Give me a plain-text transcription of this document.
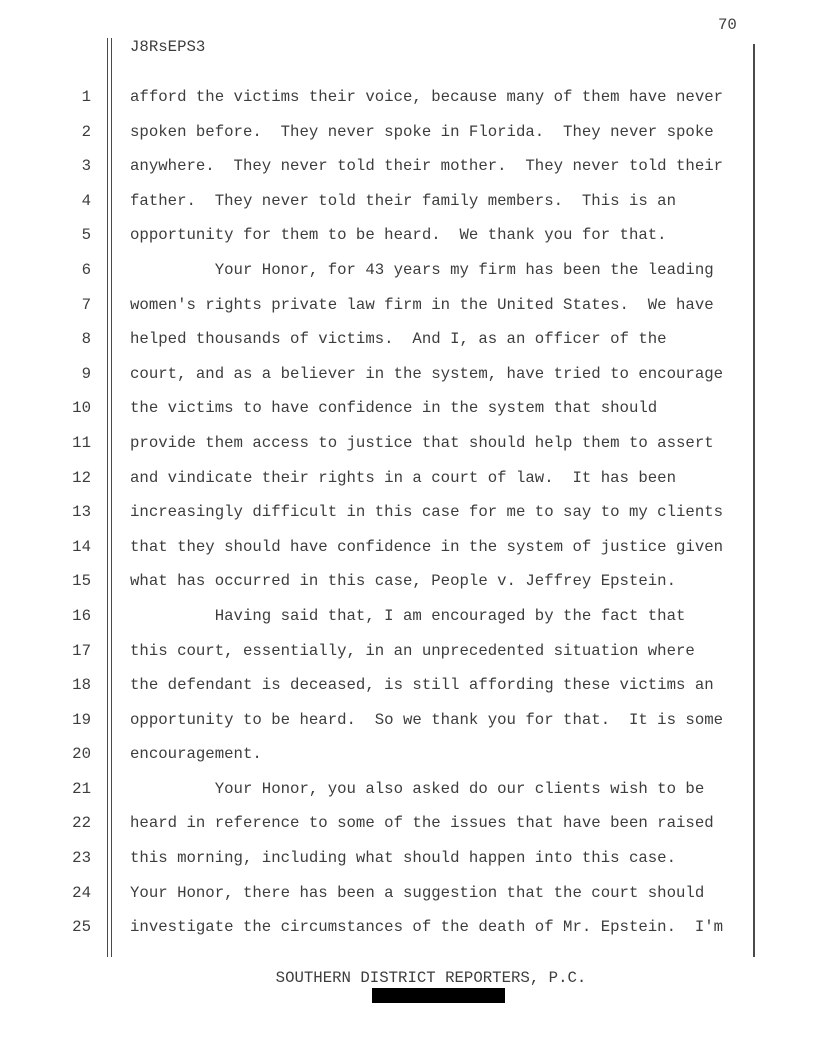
70
J8RsEPS3
1 afford the victims their voice, because many of them have never
2 spoken before.  They never spoke in Florida.  They never spoke
3 anywhere.  They never told their mother.  They never told their
4 father.  They never told their family members.  This is an
5 opportunity for them to be heard.  We thank you for that.
6 Your Honor, for 43 years my firm has been the leading
7 women's rights private law firm in the United States.  We have
8 helped thousands of victims.  And I, as an officer of the
9 court, and as a believer in the system, have tried to encourage
10 the victims to have confidence in the system that should
11 provide them access to justice that should help them to assert
12 and vindicate their rights in a court of law.  It has been
13 increasingly difficult in this case for me to say to my clients
14 that they should have confidence in the system of justice given
15 what has occurred in this case, People v. Jeffrey Epstein.
16 Having said that, I am encouraged by the fact that
17 this court, essentially, in an unprecedented situation where
18 the defendant is deceased, is still affording these victims an
19 opportunity to be heard.  So we thank you for that.  It is some
20 encouragement.
21 Your Honor, you also asked do our clients wish to be
22 heard in reference to some of the issues that have been raised
23 this morning, including what should happen into this case.
24 Your Honor, there has been a suggestion that the court should
25 investigate the circumstances of the death of Mr. Epstein.  I'm
SOUTHERN DISTRICT REPORTERS, P.C.
